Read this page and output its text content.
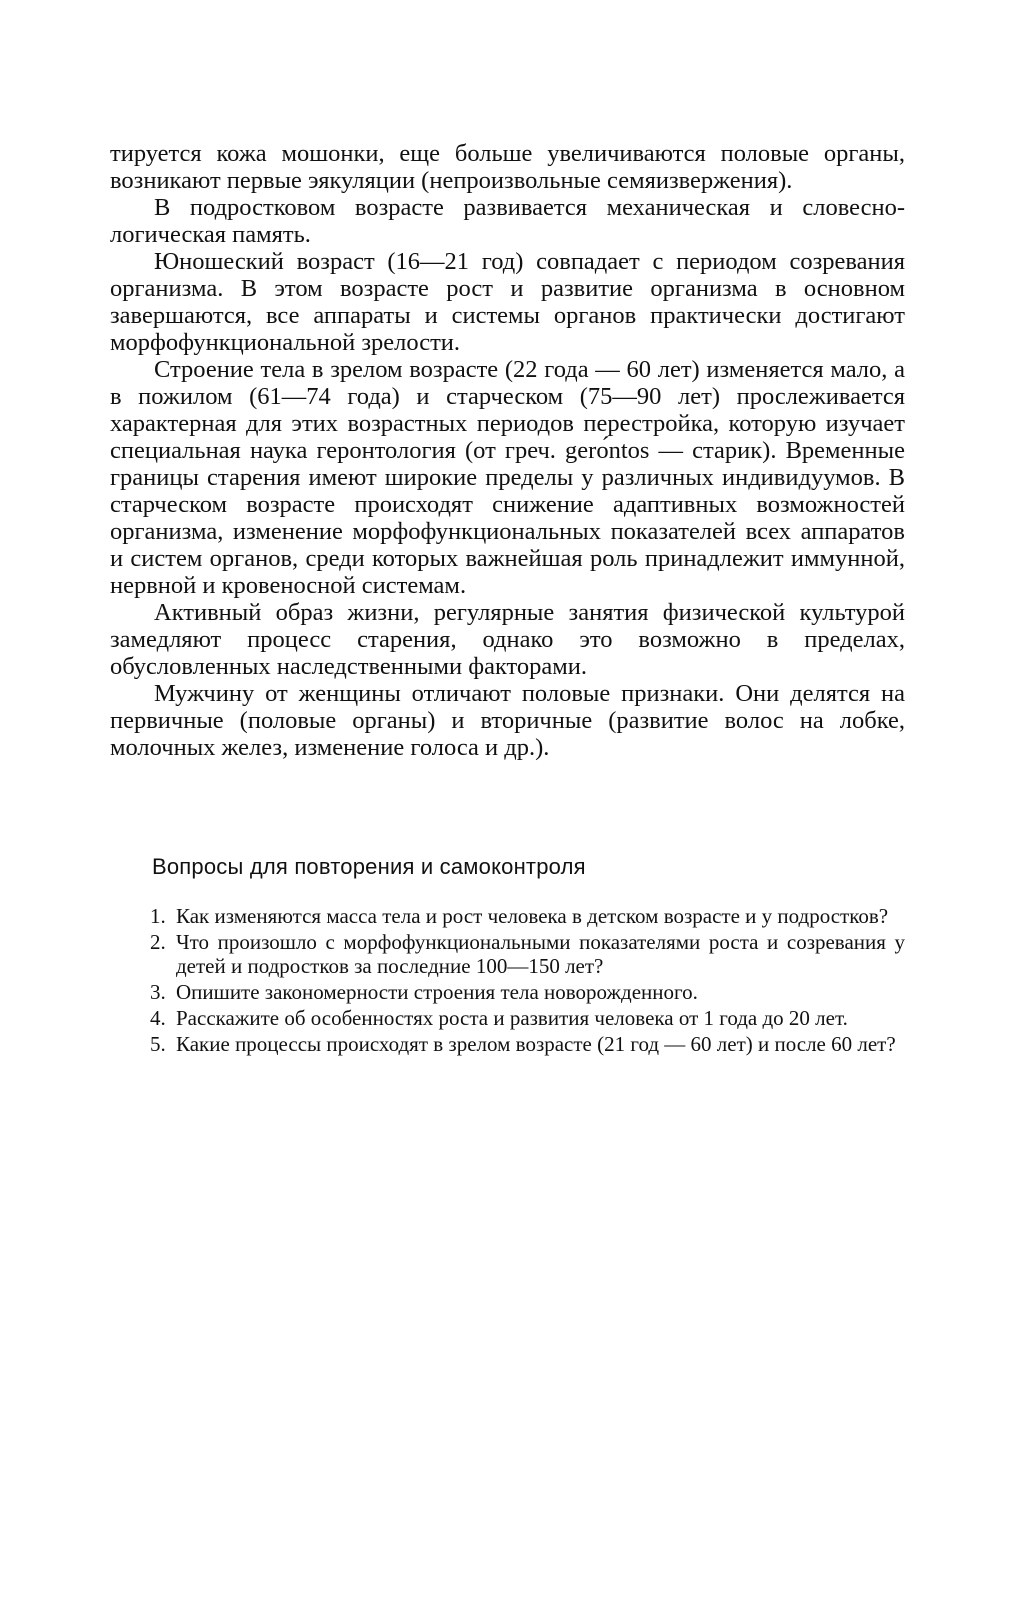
тируется кожа мошонки, еще больше увеличиваются половые органы, возникают первые эякуляции (непроизвольные семяизвержения).

В подростковом возрасте развивается механическая и словесно-логическая память.

Юношеский возраст (16—21 год) совпадает с периодом созревания организма. В этом возрасте рост и развитие организма в основном завершаются, все аппараты и системы органов практически достигают морфофункциональной зрелости.

Строение тела в зрелом возрасте (22 года — 60 лет) изменяется мало, а в пожилом (61—74 года) и старческом (75—90 лет) прослеживается характерная для этих возрастных периодов перестройка, которую изучает специальная наука геронтология (от греч. gerо́ntos — старик). Временные границы старения имеют широкие пределы у различных индивидуумов. В старческом возрасте происходят снижение адаптивных возможностей организма, изменение морфофункциональных показателей всех аппаратов и систем органов, среди которых важнейшая роль принадлежит иммунной, нервной и кровеносной системам.

Активный образ жизни, регулярные занятия физической культурой замедляют процесс старения, однако это возможно в пределах, обусловленных наследственными факторами.

Мужчину от женщины отличают половые признаки. Они делятся на первичные (половые органы) и вторичные (развитие волос на лобке, молочных желез, изменение голоса и др.).

Вопросы для повторения и самоконтроля
1. Как изменяются масса тела и рост человека в детском возрасте и у подростков?
2. Что произошло с морфофункциональными показателями роста и созревания у детей и подростков за последние 100—150 лет?
3. Опишите закономерности строения тела новорожденного.
4. Расскажите об особенностях роста и развития человека от 1 года до 20 лет.
5. Какие процессы происходят в зрелом возрасте (21 год — 60 лет) и после 60 лет?
